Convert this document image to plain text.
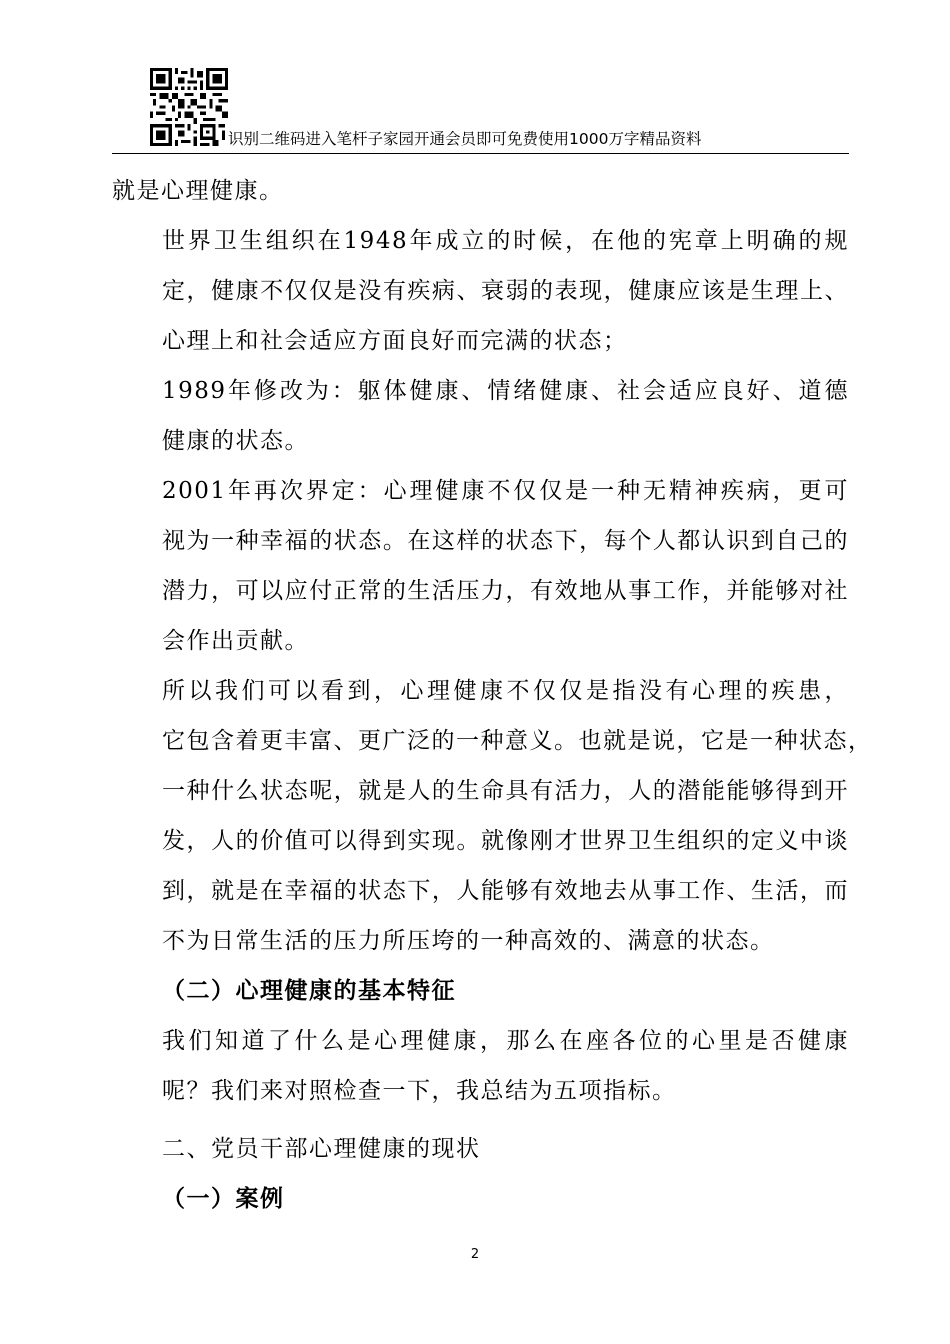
识别二维码进入笔杆子家园开通会员即可免费使用1000万字精品资料

就是心理健康。

世界卫生组织在1948年成立的时候，在他的宪章上明确的规
定，健康不仅仅是没有疾病、衰弱的表现，健康应该是生理上、
心理上和社会适应方面良好而完满的状态；

1989年修改为：躯体健康、情绪健康、社会适应良好、道德
健康的状态。

2001年再次界定：心理健康不仅仅是一种无精神疾病，更可
视为一种幸福的状态。在这样的状态下，每个人都认识到自己的
潜力，可以应付正常的生活压力，有效地从事工作，并能够对社
会作出贡献。

所以我们可以看到，心理健康不仅仅是指没有心理的疾患，
它包含着更丰富、更广泛的一种意义。也就是说，它是一种状态，
一种什么状态呢，就是人的生命具有活力，人的潜能能够得到开
发，人的价值可以得到实现。就像刚才世界卫生组织的定义中谈
到，就是在幸福的状态下，人能够有效地去从事工作、生活，而
不为日常生活的压力所压垮的一种高效的、满意的状态。

（二）心理健康的基本特征

我们知道了什么是心理健康，那么在座各位的心里是否健康
呢？我们来对照检查一下，我总结为五项指标。

二、党员干部心理健康的现状

（一）案例

2
